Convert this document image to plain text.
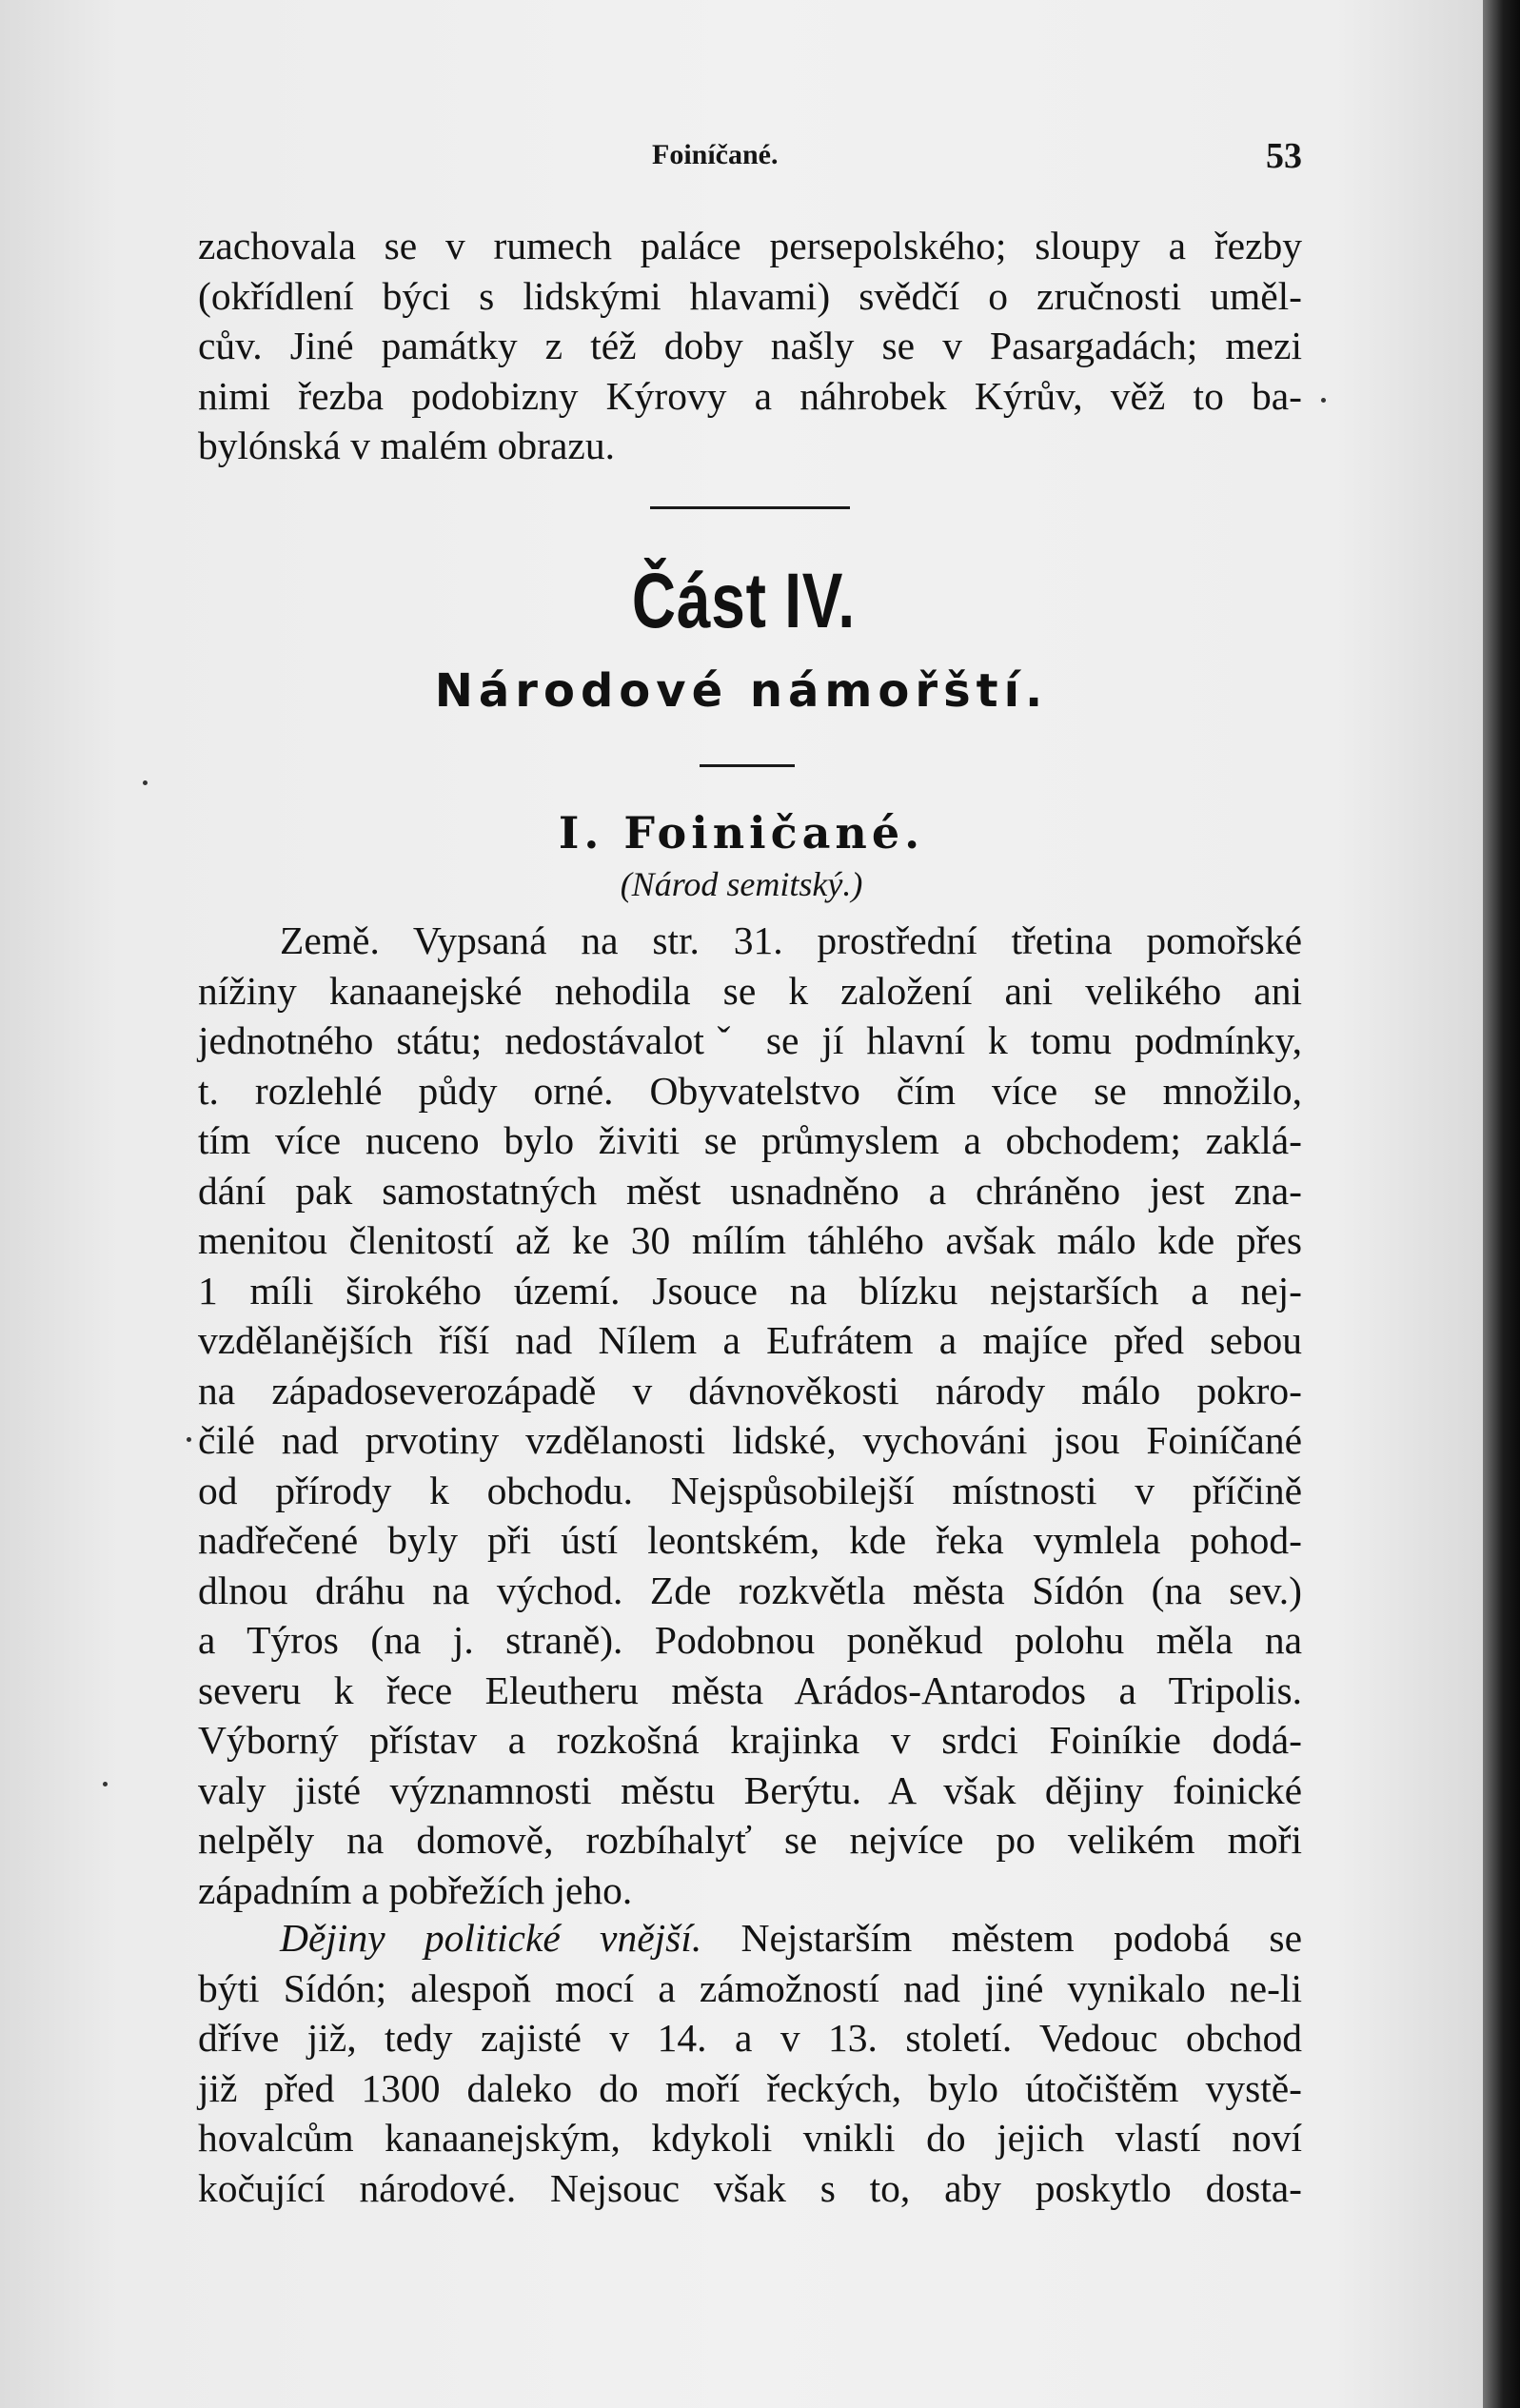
Foiníčané.	53

zachovala se v rumech paláce persepolského; sloupy a řezby
(okřídlení býci s lidskými hlavami) svědčí o zručnosti uměl-
cův. Jiné památky z též doby našly se v Pasargadách; mezi
nimi řezba podobizny Kýrovy a náhrobek Kýrův, věž to ba-
bylónská v malém obrazu.

Část IV.
Národové námořští.
I. Foiničané.
(Národ semitský.)

Země. Vypsaná na str. 31. prostřední třetina pomořské
nížiny kanaanejské nehodila se k založení ani velikého ani
jednotného státu; nedostávalotˇ se jí hlavní k tomu podmínky,
t. rozlehlé půdy orné. Obyvatelstvo čím více se množilo,
tím více nuceno bylo živiti se průmyslem a obchodem; zaklá-
dání pak samostatných měst usnadněno a chráněno jest zna-
menitou členitostí až ke 30 mílím táhlého avšak málo kde přes
1 míli širokého území. Jsouce na blízku nejstarších a nej-
vzdělanějších říší nad Nílem a Eufrátem a majíce před sebou
na západoseverozápadě v dávnověkosti národy málo pokro-
čilé nad prvotiny vzdělanosti lidské, vychováni jsou Foiníčané
od přírody k obchodu. Nejspůsobilejší místnosti v příčině
nadřečené byly při ústí leontském, kde řeka vymlela pohod-
dlnou dráhu na východ. Zde rozkvětla města Sídón (na sev.)
a Týros (na j. straně). Podobnou poněkud polohu měla na
severu k řece Eleutheru města Arádos-Antarodos a Tripolis.
Výborný přístav a rozkošná krajinka v srdci Foiníkie dodá-
valy jisté významnosti městu Berýtu. A však dějiny foinické
nelpěly na domově, rozbíhalyť se nejvíce po velikém moři
západním a pobřežích jeho.

Dějiny politické vnější. Nejstarším městem podobá se
býti Sídón; alespoň mocí a zámožností nad jiné vynikalo ne-li
dříve již, tedy zajisté v 14. a v 13. století. Vedouc obchod
již před 1300 daleko do moří řeckých, bylo útočištěm vystě-
hovalcům kanaanejským, kdykoli vnikli do jejich vlastí noví
kočující národové. Nejsouc však s to, aby poskytlo dosta-
